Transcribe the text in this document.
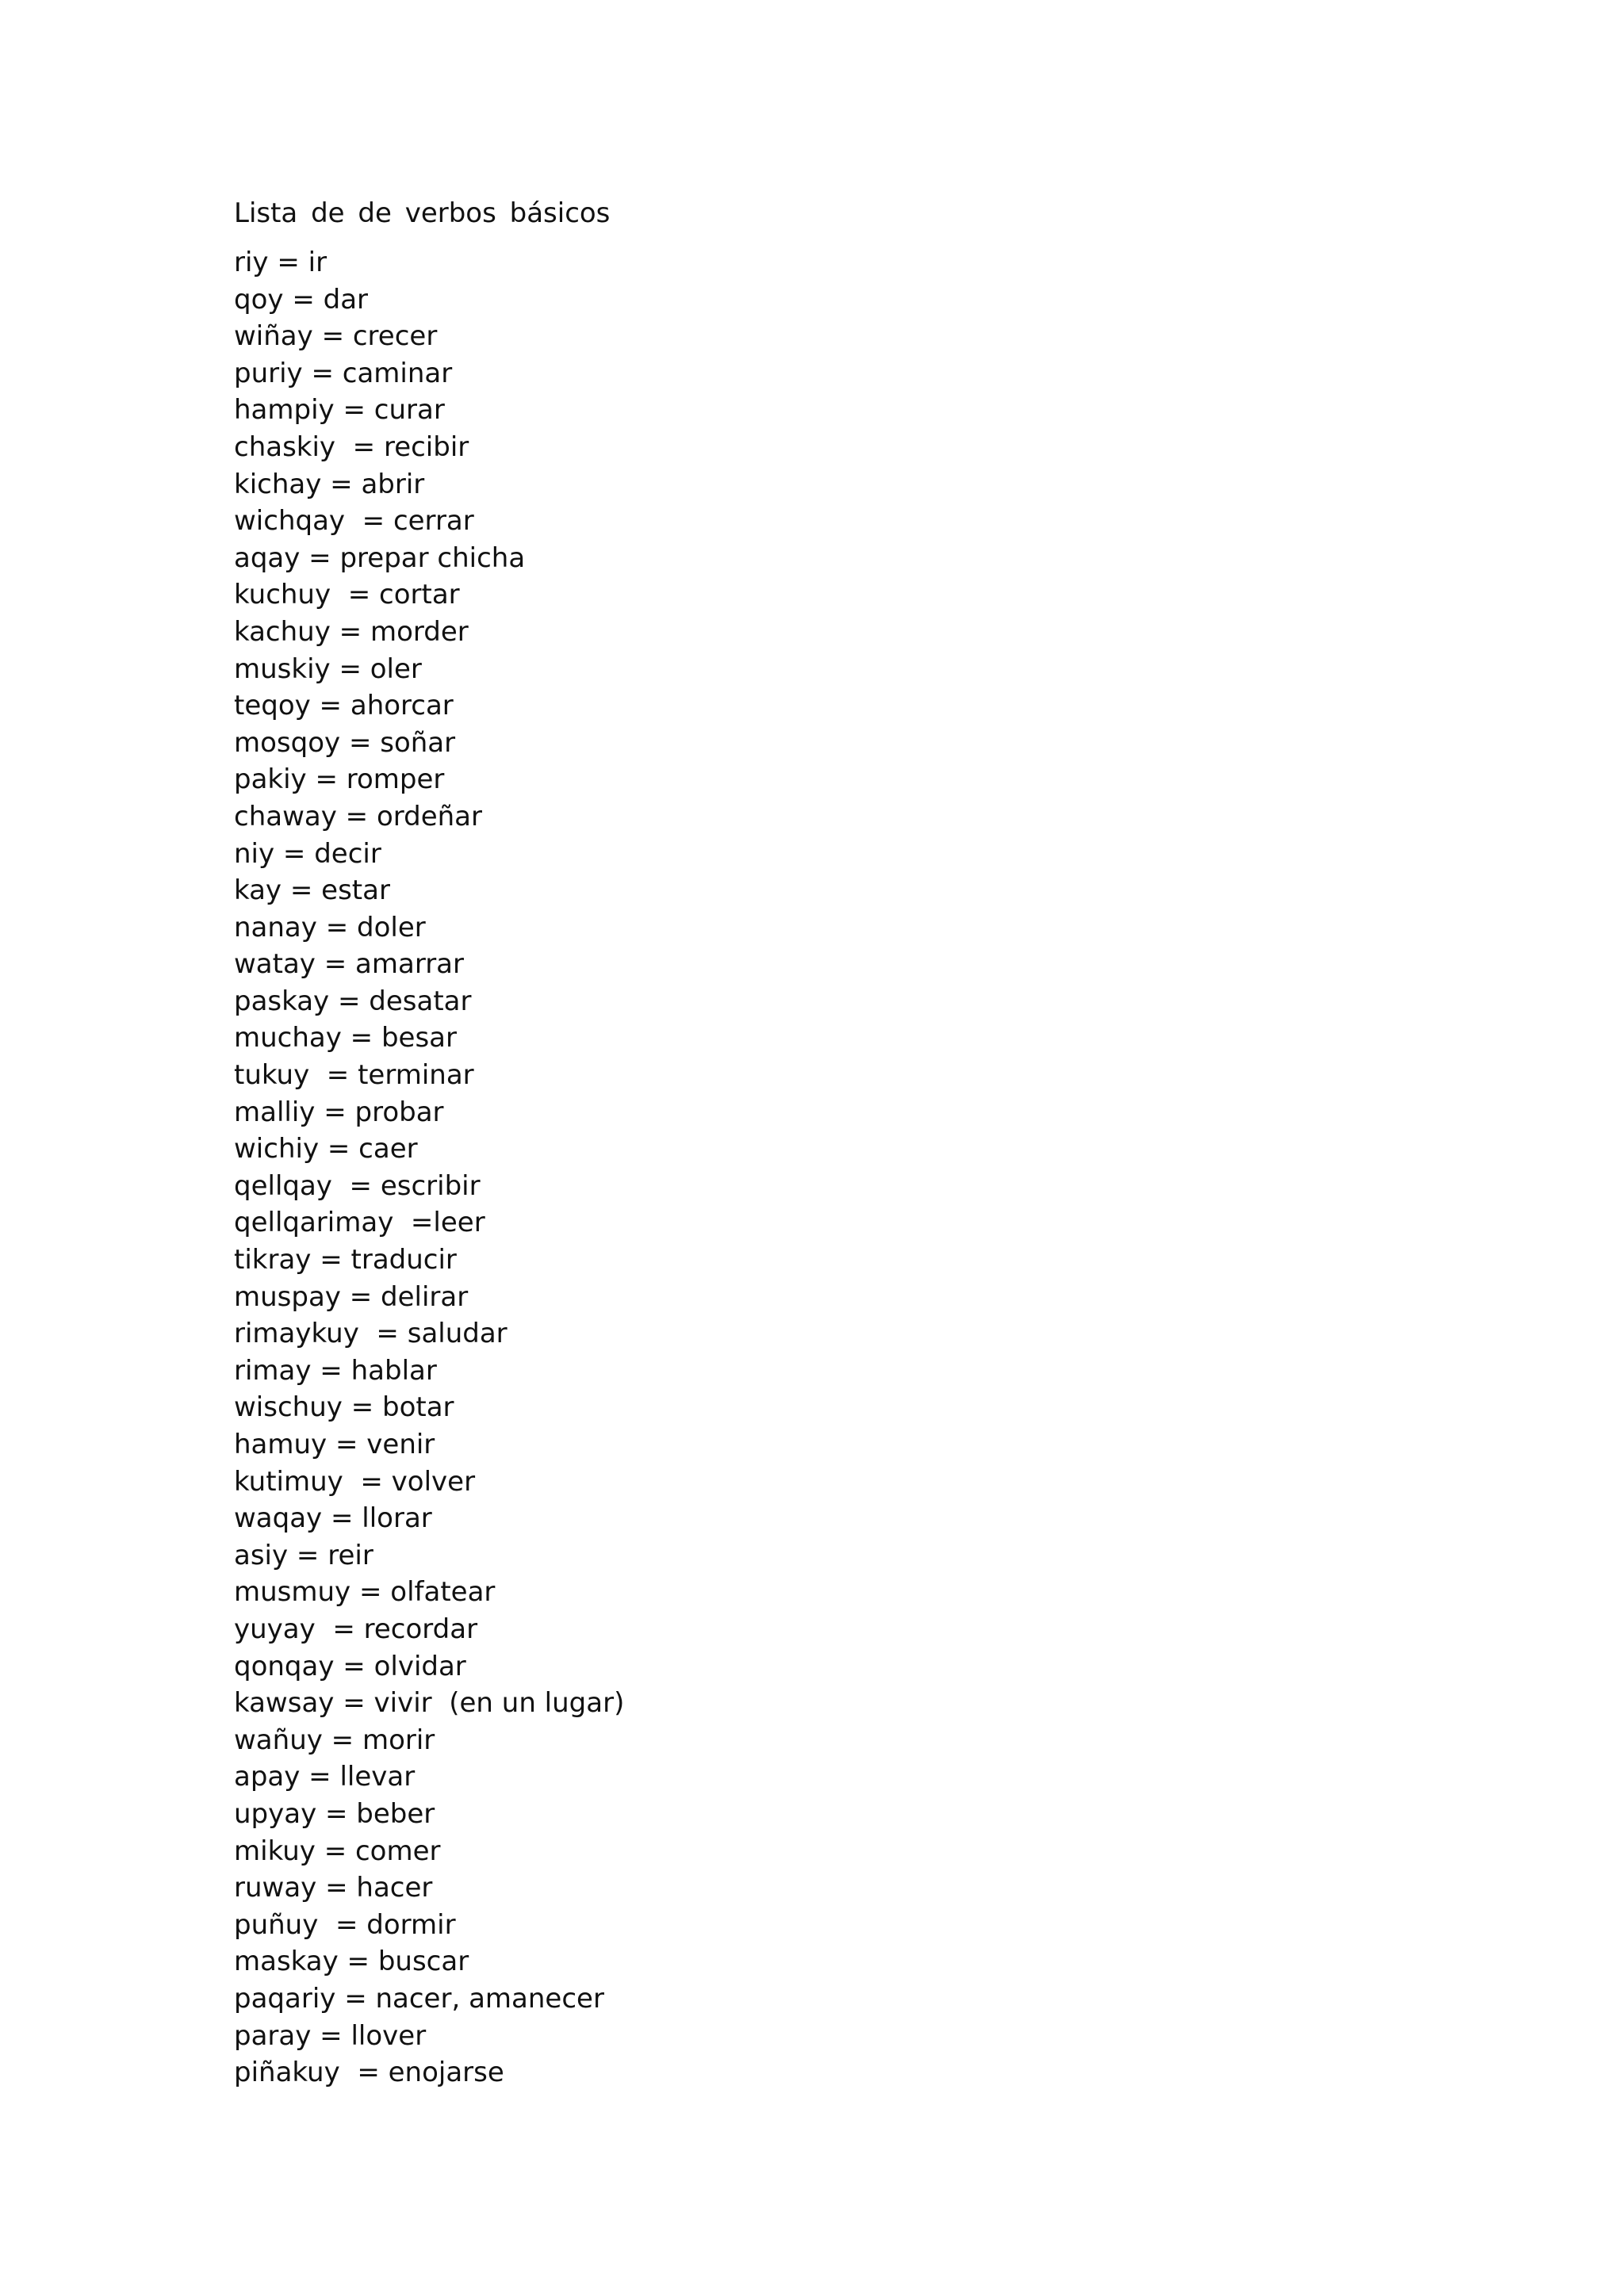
Lista de de verbos básicos
riy = ir
qoy = dar
wiñay = crecer
puriy = caminar
hampiy = curar
chaskiy  = recibir
kichay = abrir
wichqay  = cerrar
aqay = prepar chicha
kuchuy  = cortar
kachuy = morder
muskiy = oler
teqoy = ahorcar
mosqoy = soñar
pakiy = romper
chaway = ordeñar
niy = decir
kay = estar
nanay = doler
watay = amarrar
paskay = desatar
muchay = besar
tukuy  = terminar
malliy = probar
wichiy = caer
qellqay  = escribir
qellqarimay  =leer
tikray = traducir
muspay = delirar
rimaykuy  = saludar
rimay = hablar
wischuy = botar
hamuy = venir
kutimuy  = volver
waqay = llorar
asiy = reir
musmuy = olfatear
yuyay  = recordar
qonqay = olvidar
kawsay = vivir  (en un lugar)
wañuy = morir
apay = llevar
upyay = beber
mikuy = comer
ruway = hacer
puñuy  = dormir
maskay = buscar
paqariy = nacer, amanecer
paray = llover
piñakuy  = enojarse
